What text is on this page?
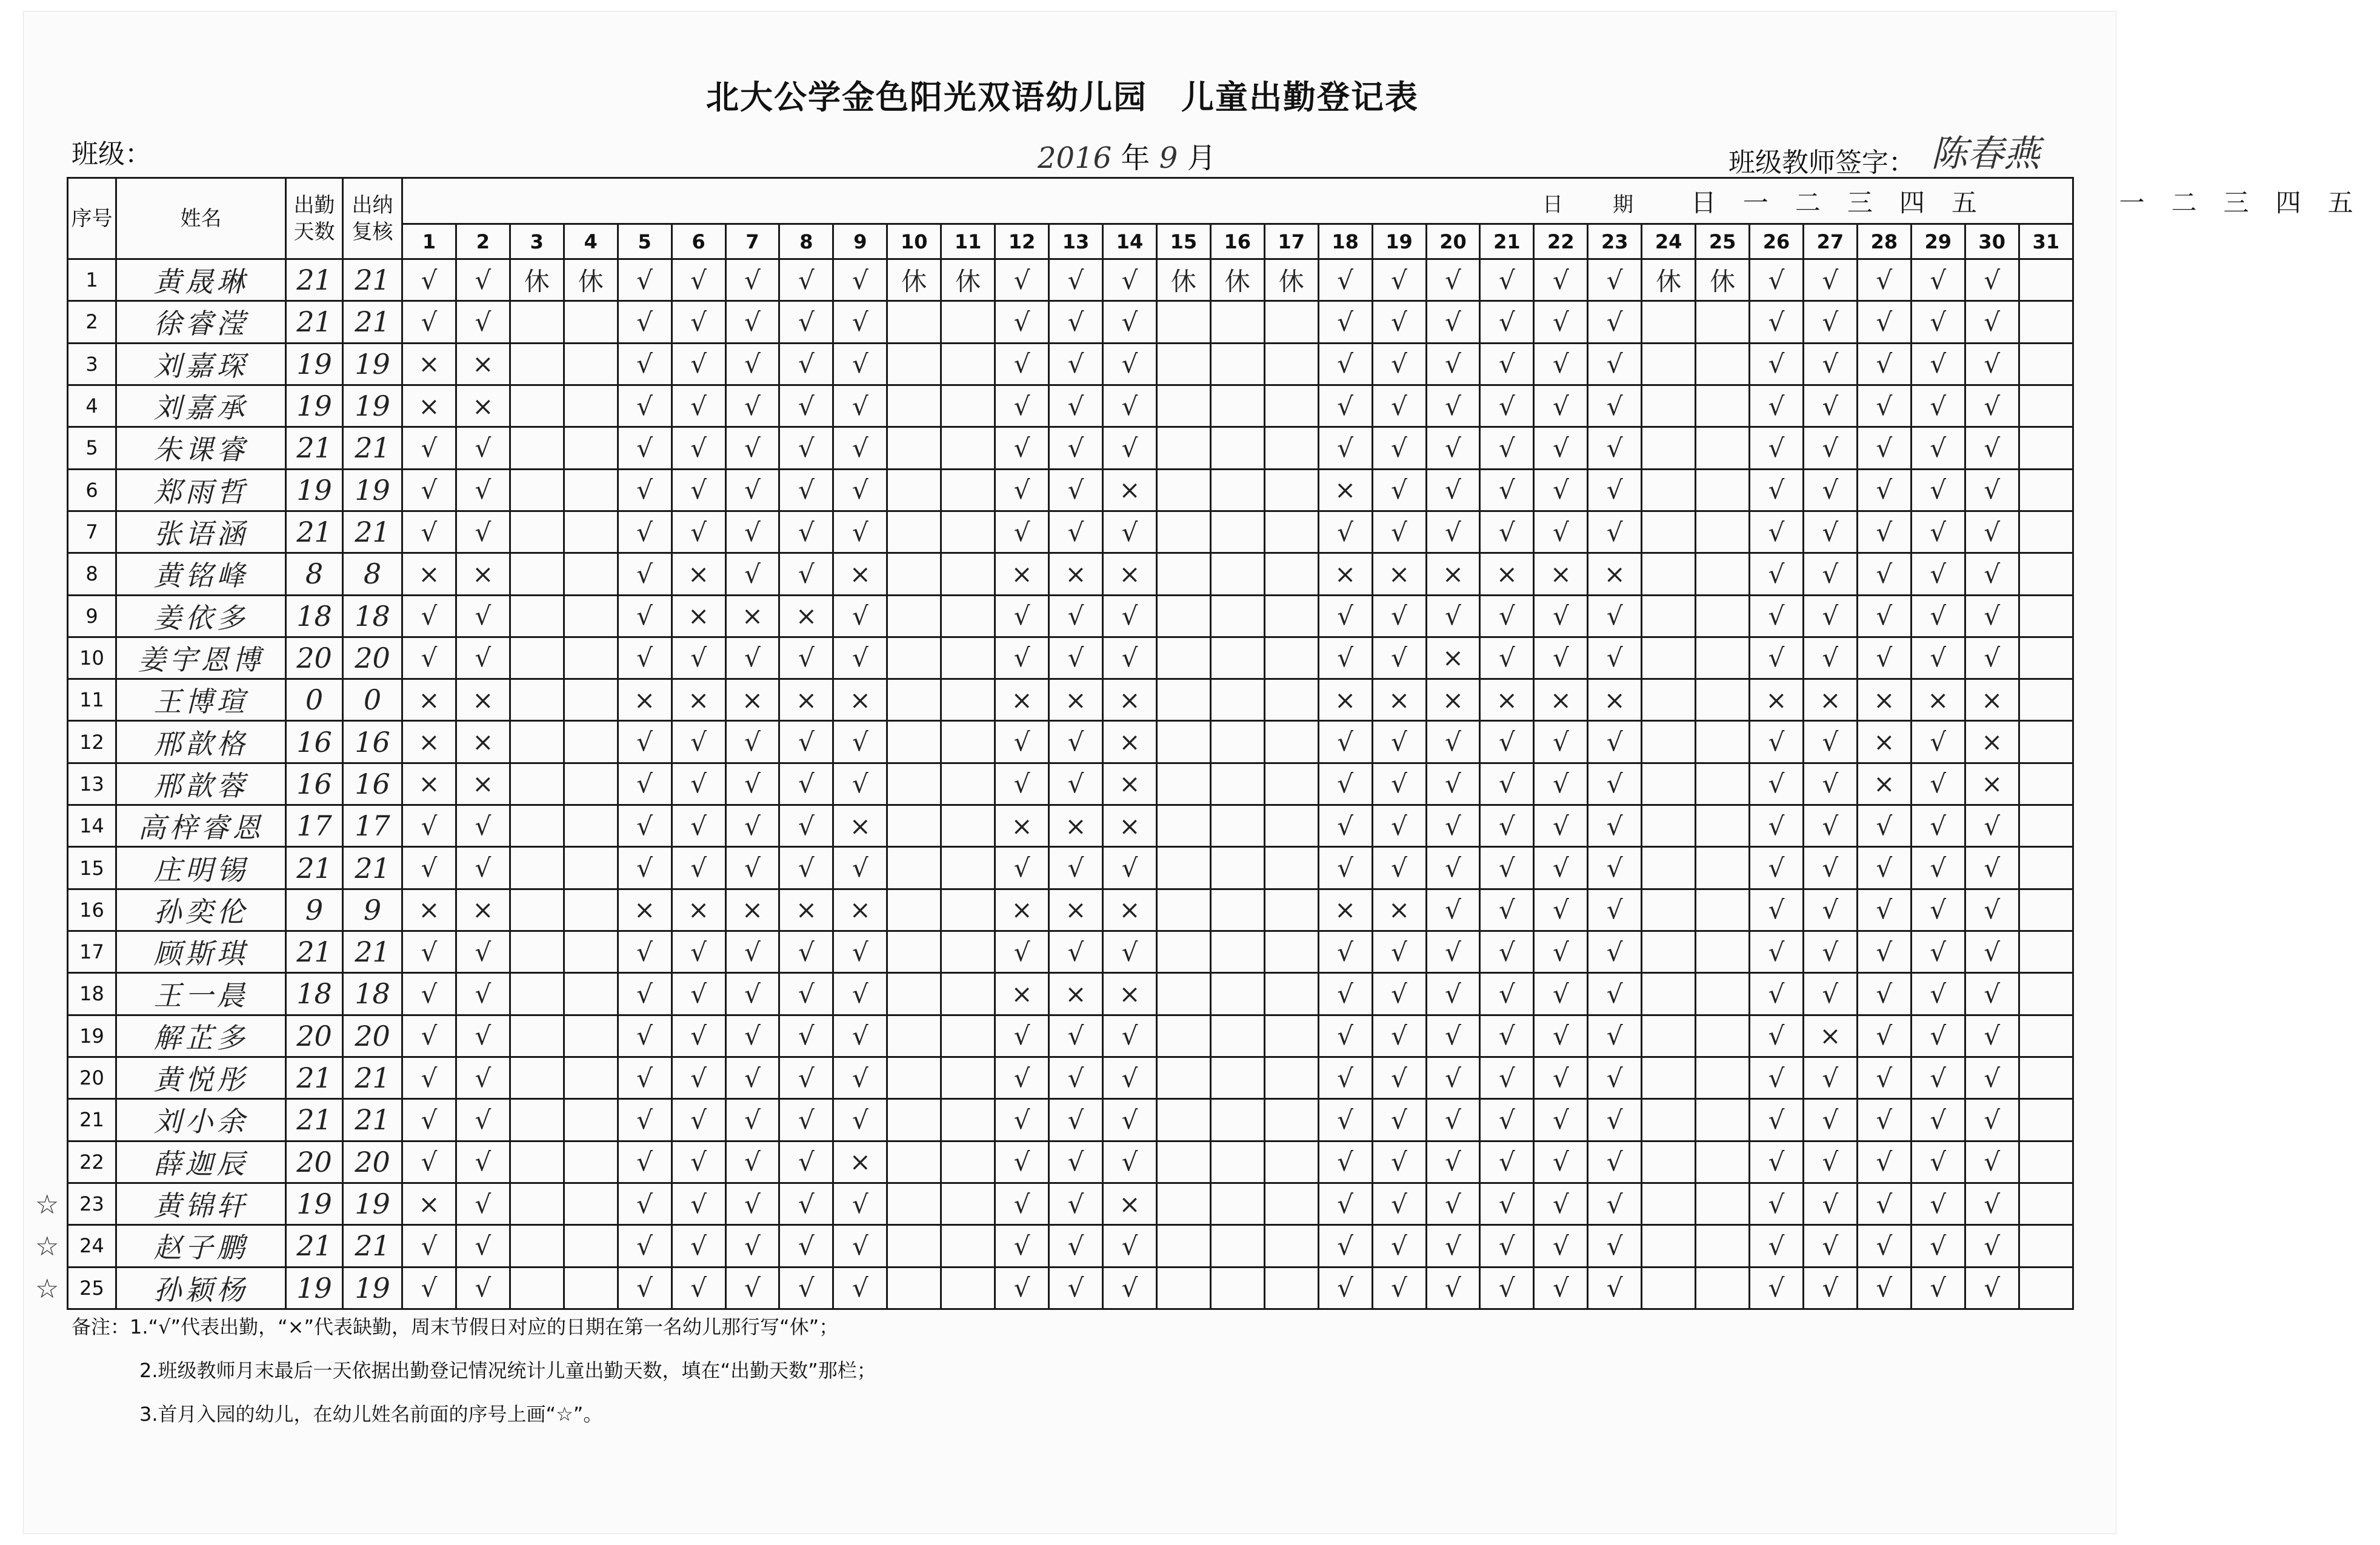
北大公学金色阳光双语幼儿园　儿童出勤登记表

班级：	2016 年 9 月	班级教师签字： 陈春燕

序号	姓名	出勤天数	出纳复核	日　期 日一二三四五 一二三四五																														
				1	2	3	4	5	6	7	8	9	10	11	12	13	14	15	16	17	18	19	20	21	22	23	24	25	26	27	28	29	30	31
1	黄晟琳	21	21	√	√	休	休	√	√	√	√	√	休	休	√	√	√	休	休	休	√	√	√	√	√	√	休	休	√	√	√	√	√	
2	徐睿滢	21	21	√	√			√	√	√	√	√			√	√	√				√	√	√	√	√	√			√	√	√	√	√	
3	刘嘉琛	19	19	×	×			√	√	√	√	√			√	√	√				√	√	√	√	√	√			√	√	√	√	√	
4	刘嘉承	19	19	×	×			√	√	√	√	√			√	√	√				√	√	√	√	√	√			√	√	√	√	√	
5	朱课睿	21	21	√	√			√	√	√	√	√			√	√	√				√	√	√	√	√	√			√	√	√	√	√	
6	郑雨哲	19	19	√	√			√	√	√	√	√			√	√	×				×	√	√	√	√	√			√	√	√	√	√	
7	张语涵	21	21	√	√			√	√	√	√	√			√	√	√				√	√	√	√	√	√			√	√	√	√	√	
8	黄铭峰	8	8	×	×			√	×	√	√	×			×	×	×				×	×	×	×	×	×			√	√	√	√	√	
9	姜依多	18	18	√	√			√	×	×	×	√			√	√	√				√	√	√	√	√	√			√	√	√	√	√	
10	姜宇恩博	20	20	√	√			√	√	√	√	√			√	√	√				√	√	×	√	√	√			√	√	√	√	√	
11	王博瑄	0	0	×	×			×	×	×	×	×			×	×	×				×	×	×	×	×	×			×	×	×	×	×	
12	邢歆格	16	16	×	×			√	√	√	√	√			√	√	×				√	√	√	√	√	√			√	√	×	√	×	
13	邢歆蓉	16	16	×	×			√	√	√	√	√			√	√	×				√	√	√	√	√	√			√	√	×	√	×	
14	高梓睿恩	17	17	√	√			√	√	√	√	×			×	×	×				√	√	√	√	√	√			√	√	√	√	√	
15	庄明锡	21	21	√	√			√	√	√	√	√			√	√	√				√	√	√	√	√	√			√	√	√	√	√	
16	孙奕伦	9	9	×	×			×	×	×	×	×			×	×	×				×	×	√	√	√	√			√	√	√	√	√	
17	顾斯琪	21	21	√	√			√	√	√	√	√			√	√	√				√	√	√	√	√	√			√	√	√	√	√	
18	王一晨	18	18	√	√			√	√	√	√	√			×	×	×				√	√	√	√	√	√			√	√	√	√	√	
19	解芷多	20	20	√	√			√	√	√	√	√			√	√	√				√	√	√	√	√	√			√	×	√	√	√	
20	黄悦彤	21	21	√	√			√	√	√	√	√			√	√	√				√	√	√	√	√	√			√	√	√	√	√	
21	刘小余	21	21	√	√			√	√	√	√	√			√	√	√				√	√	√	√	√	√			√	√	√	√	√	
22	薛迦辰	20	20	√	√			√	√	√	√	×			√	√	√				√	√	√	√	√	√			√	√	√	√	√	
23	黄锦轩	19	19	×	√			√	√	√	√	√			√	√	×				√	√	√	√	√	√			√	√	√	√	√	
24	赵子鹏	21	21	√	√			√	√	√	√	√			√	√	√				√	√	√	√	√	√			√	√	√	√	√	
25	孙颖杨	19	19	√	√			√	√	√	√	√			√	√	√				√	√	√	√	√	√			√	√	√	√	√	
☆
☆
☆

备注：1.“√”代表出勤，“×”代表缺勤，周末节假日对应的日期在第一名幼儿那行写“休”；

2.班级教师月末最后一天依据出勤登记情况统计儿童出勤天数，填在“出勤天数”那栏；

3.首月入园的幼儿，在幼儿姓名前面的序号上画“☆”。
